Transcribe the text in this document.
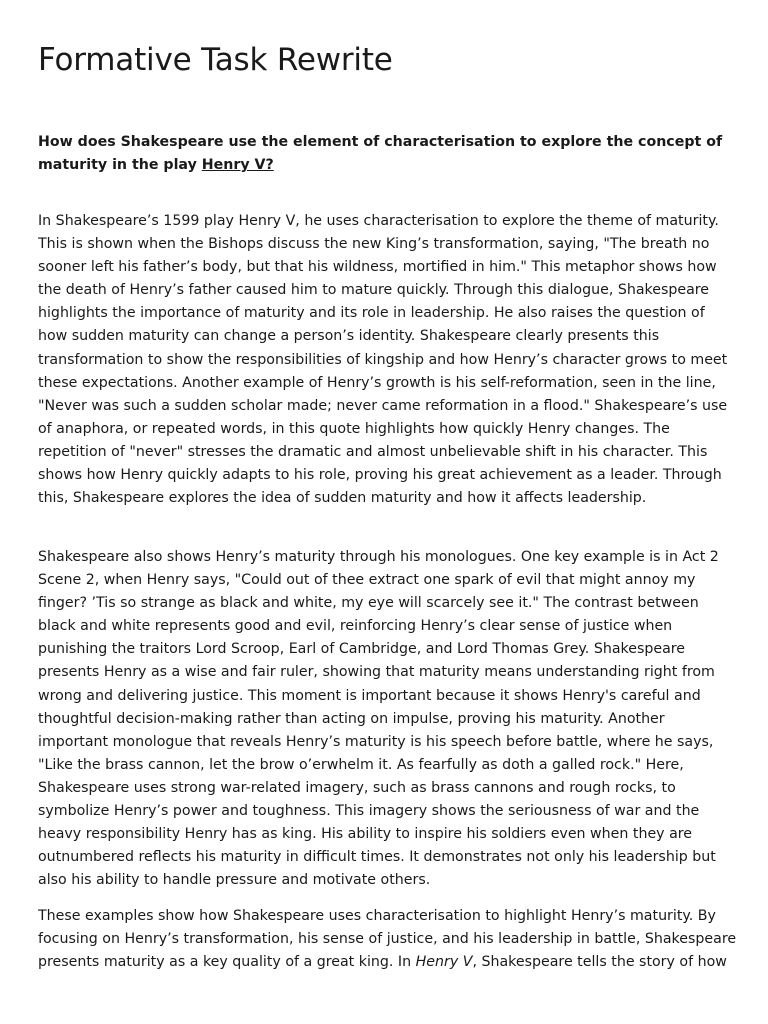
Formative Task Rewrite

How does Shakespeare use the element of characterisation to explore the concept of maturity in the play Henry V?

In Shakespeare’s 1599 play Henry V, he uses characterisation to explore the theme of maturity. This is shown when the Bishops discuss the new King’s transformation, saying, "The breath no sooner left his father’s body, but that his wildness, mortified in him." This metaphor shows how the death of Henry’s father caused him to mature quickly. Through this dialogue, Shakespeare highlights the importance of maturity and its role in leadership. He also raises the question of how sudden maturity can change a person’s identity. Shakespeare clearly presents this transformation to show the responsibilities of kingship and how Henry’s character grows to meet these expectations. Another example of Henry’s growth is his self-reformation, seen in the line, "Never was such a sudden scholar made; never came reformation in a flood." Shakespeare’s use of anaphora, or repeated words, in this quote highlights how quickly Henry changes. The repetition of "never" stresses the dramatic and almost unbelievable shift in his character. This shows how Henry quickly adapts to his role, proving his great achievement as a leader. Through this, Shakespeare explores the idea of sudden maturity and how it affects leadership.

Shakespeare also shows Henry’s maturity through his monologues. One key example is in Act 2 Scene 2, when Henry says, "Could out of thee extract one spark of evil that might annoy my finger? ’Tis so strange as black and white, my eye will scarcely see it." The contrast between black and white represents good and evil, reinforcing Henry’s clear sense of justice when punishing the traitors Lord Scroop, Earl of Cambridge, and Lord Thomas Grey. Shakespeare presents Henry as a wise and fair ruler, showing that maturity means understanding right from wrong and delivering justice. This moment is important because it shows Henry's careful and thoughtful decision-making rather than acting on impulse, proving his maturity. Another important monologue that reveals Henry’s maturity is his speech before battle, where he says, "Like the brass cannon, let the brow o’erwhelm it. As fearfully as doth a galled rock." Here, Shakespeare uses strong war-related imagery, such as brass cannons and rough rocks, to symbolize Henry’s power and toughness. This imagery shows the seriousness of war and the heavy responsibility Henry has as king. His ability to inspire his soldiers even when they are outnumbered reflects his maturity in difficult times. It demonstrates not only his leadership but also his ability to handle pressure and motivate others.

These examples show how Shakespeare uses characterisation to highlight Henry’s maturity. By focusing on Henry’s transformation, his sense of justice, and his leadership in battle, Shakespeare presents maturity as a key quality of a great king. In Henry V, Shakespeare tells the story of how
